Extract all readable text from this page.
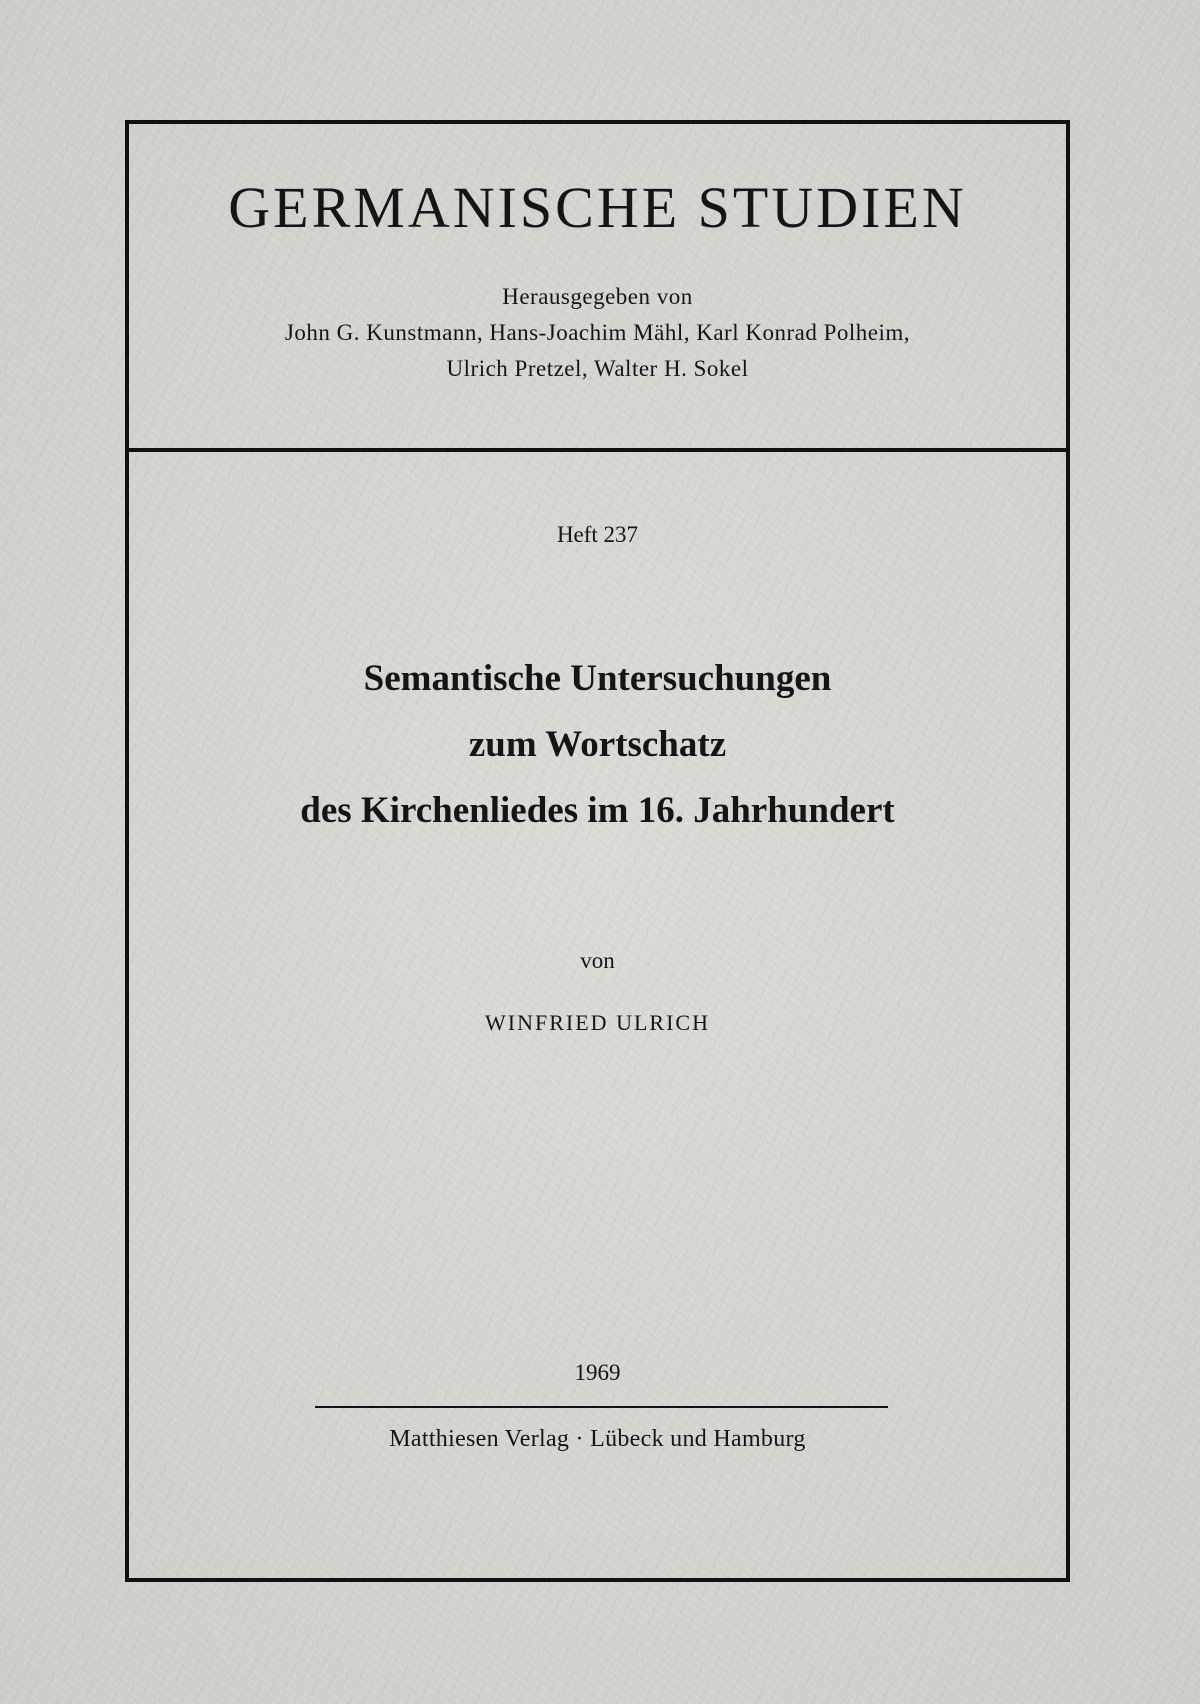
GERMANISCHE STUDIEN
Herausgegeben von
John G. Kunstmann, Hans-Joachim Mähl, Karl Konrad Polheim,
Ulrich Pretzel, Walter H. Sokel
Heft 237
Semantische Untersuchungen
zum Wortschatz
des Kirchenliedes im 16. Jahrhundert
von
WINFRIED ULRICH
1969
Matthiesen Verlag · Lübeck und Hamburg
